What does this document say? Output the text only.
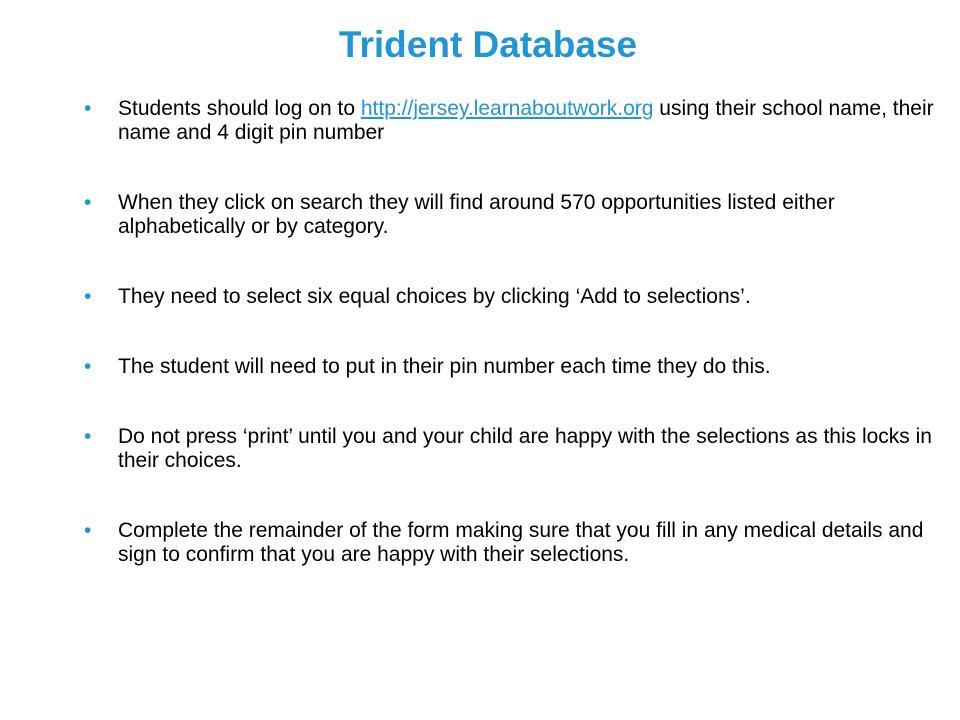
Trident Database
• Students should log on to http://jersey.learnaboutwork.org using their school name, their name and 4 digit pin number
• When they click on search they will find around 570 opportunities listed either alphabetically or by category.
• They need to select six equal choices by clicking ‘Add to selections’.
• The student will need to put in their pin number each time they do this.
• Do not press ‘print’ until you and your child are happy with the selections as this locks in their choices.
• Complete the remainder of the form making sure that you fill in any medical details and sign to confirm that you are happy with their selections.
